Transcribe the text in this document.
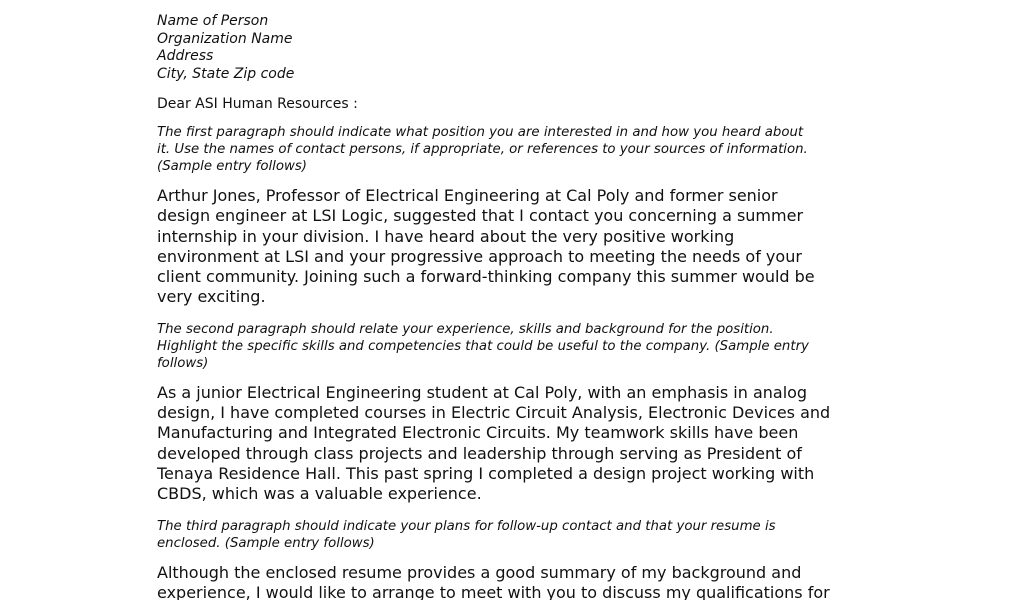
Name of Person
Organization Name
Address
City, State Zip code
Dear ASI Human Resources :
The first paragraph should indicate what position you are interested in and how you heard about
it. Use the names of contact persons, if appropriate, or references to your sources of information.
(Sample entry follows)
Arthur Jones, Professor of Electrical Engineering at Cal Poly and former senior
design engineer at LSI Logic, suggested that I contact you concerning a summer
internship in your division. I have heard about the very positive working
environment at LSI and your progressive approach to meeting the needs of your
client community. Joining such a forward-thinking company this summer would be
very exciting.
The second paragraph should relate your experience, skills and background for the position.
Highlight the specific skills and competencies that could be useful to the company. (Sample entry
follows)
As a junior Electrical Engineering student at Cal Poly, with an emphasis in analog
design, I have completed courses in Electric Circuit Analysis, Electronic Devices and
Manufacturing and Integrated Electronic Circuits. My teamwork skills have been
developed through class projects and leadership through serving as President of
Tenaya Residence Hall. This past spring I completed a design project working with
CBDS, which was a valuable experience.
The third paragraph should indicate your plans for follow-up contact and that your resume is
enclosed. (Sample entry follows)
Although the enclosed resume provides a good summary of my background and
experience, I would like to arrange to meet with you to discuss my qualifications for
